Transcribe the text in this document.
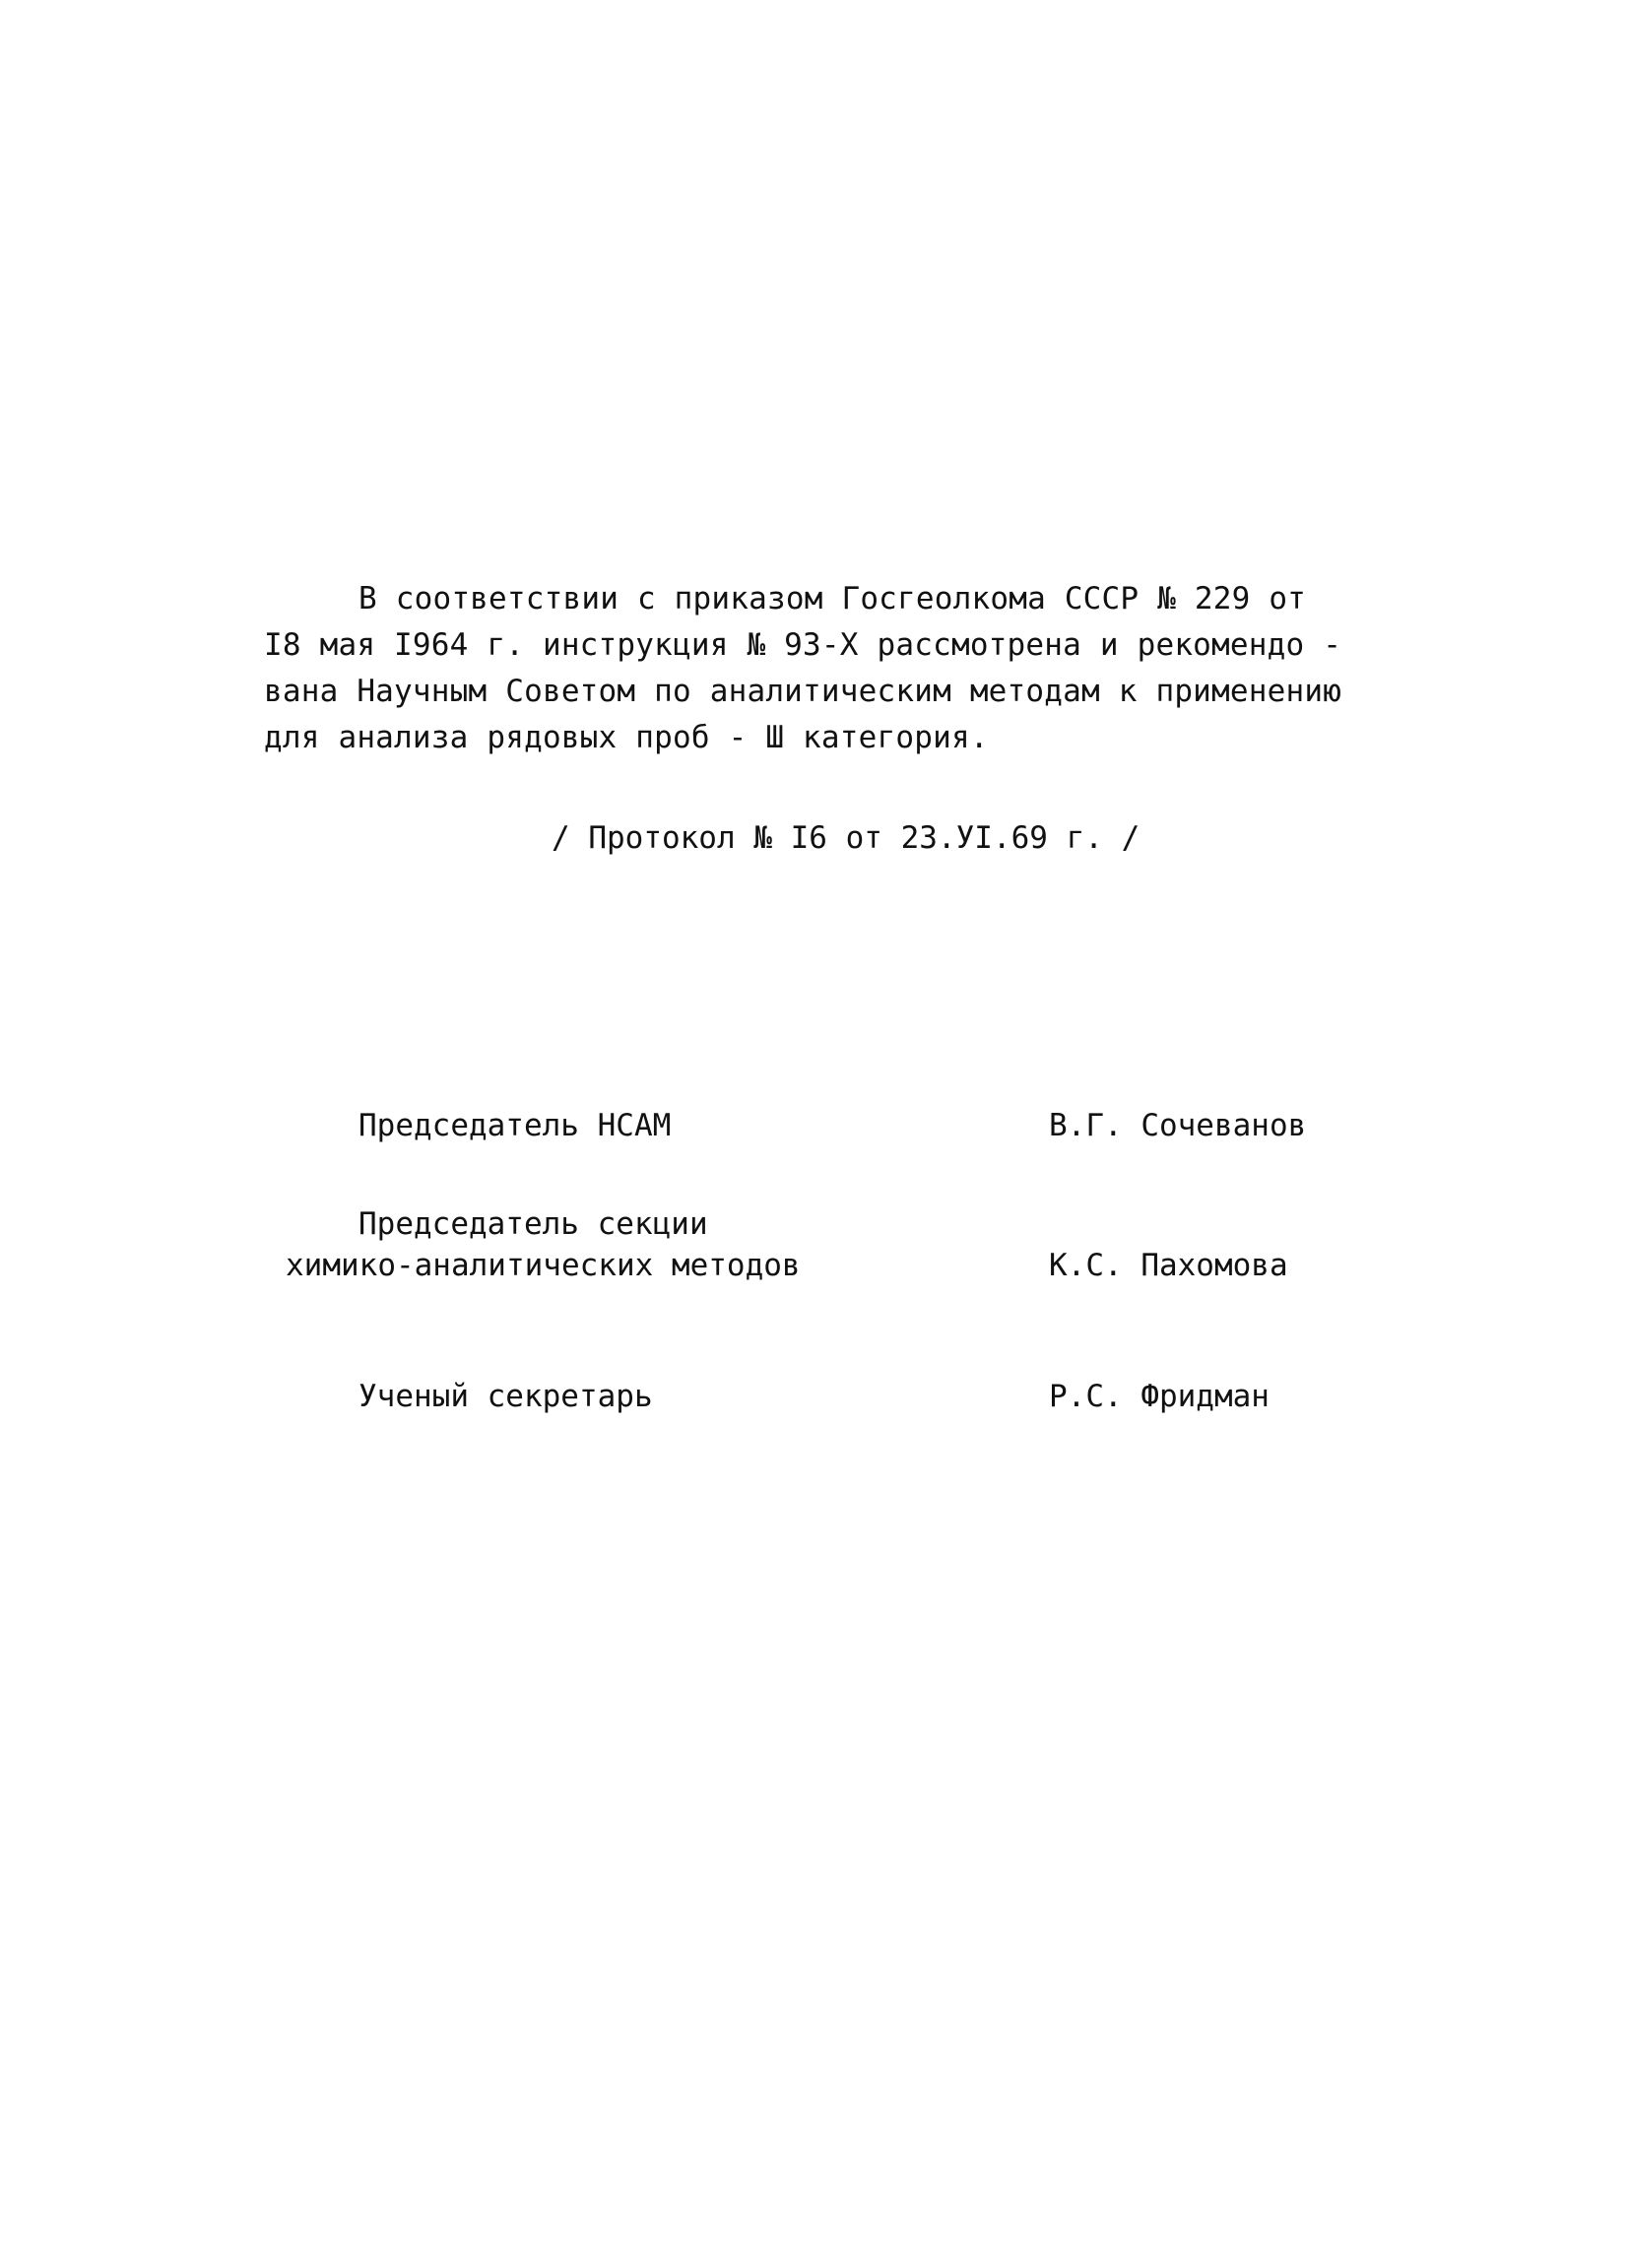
В соответствии с приказом Госгеолкома СССР № 229 от
I8 мая I964 г. инструкция № 93-Х рассмотрена и рекомендо -
вана Научным Советом по аналитическим методам к применению
для анализа рядовых проб - Ш категория.
/ Протокол № I6 от 23.УI.69 г. /
Председатель НСАМ	В.Г. Сочеванов
Председатель секции
химико-аналитических методов	К.С. Пахомова
Ученый секретарь	Р.С. Фридман
